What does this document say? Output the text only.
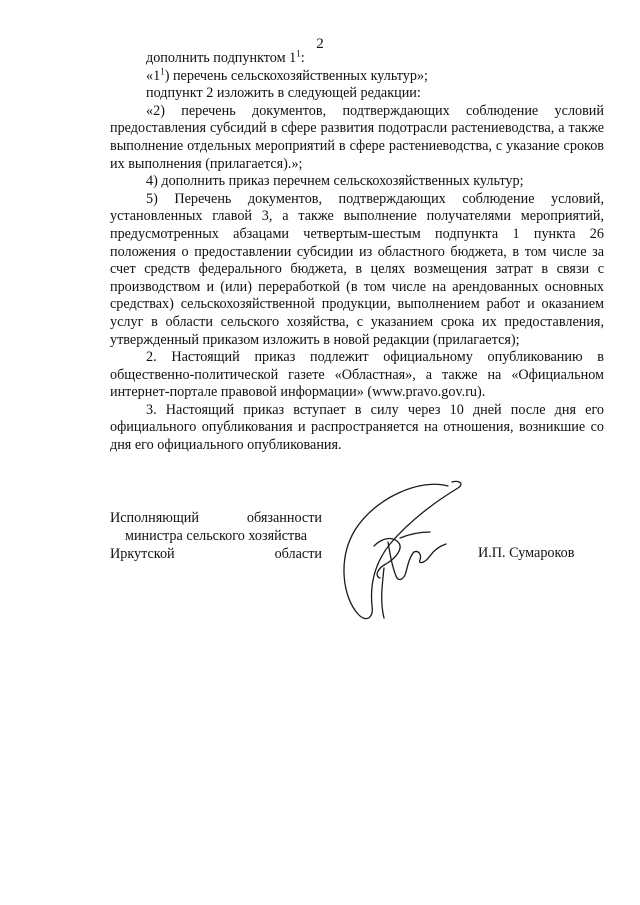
2

дополнить подпунктом $1^1$:

«$1^1$) перечень сельскохозяйственных культур»;

подпункт 2 изложить в следующей редакции:

«2) перечень документов, подтверждающих соблюдение условий предоставления субсидий в сфере развития подотрасли растениеводства, а также выполнение отдельных мероприятий в сфере растениеводства, с указание сроков их выполнения (прилагается).»;

4) дополнить приказ перечнем сельскохозяйственных культур;

5) Перечень документов, подтверждающих соблюдение условий, установленных главой 3, а также выполнение получателями мероприятий, предусмотренных абзацами четвертым-шестым подпункта 1 пункта 26 положения о предоставлении субсидии из областного бюджета, в том числе за счет средств федерального бюджета, в целях возмещения затрат в связи с производством и (или) переработкой (в том числе на арендованных основных средствах) сельскохозяйственной продукции, выполнением работ и оказанием услуг в области сельского хозяйства, с указанием срока их предоставления, утвержденный приказом изложить в новой редакции (прилагается);

2. Настоящий приказ подлежит официальному опубликованию в общественно-политической газете «Областная», а также на «Официальном интернет-портале правовой информации» (www.pravo.gov.ru).

3. Настоящий приказ вступает в силу через 10 дней после дня его официального опубликования и распространяется на отношения, возникшие со дня его официального опубликования.

Исполняющий	обязанности

министра сельского хозяйства

Иркутской	области	И.П. Сумароков
